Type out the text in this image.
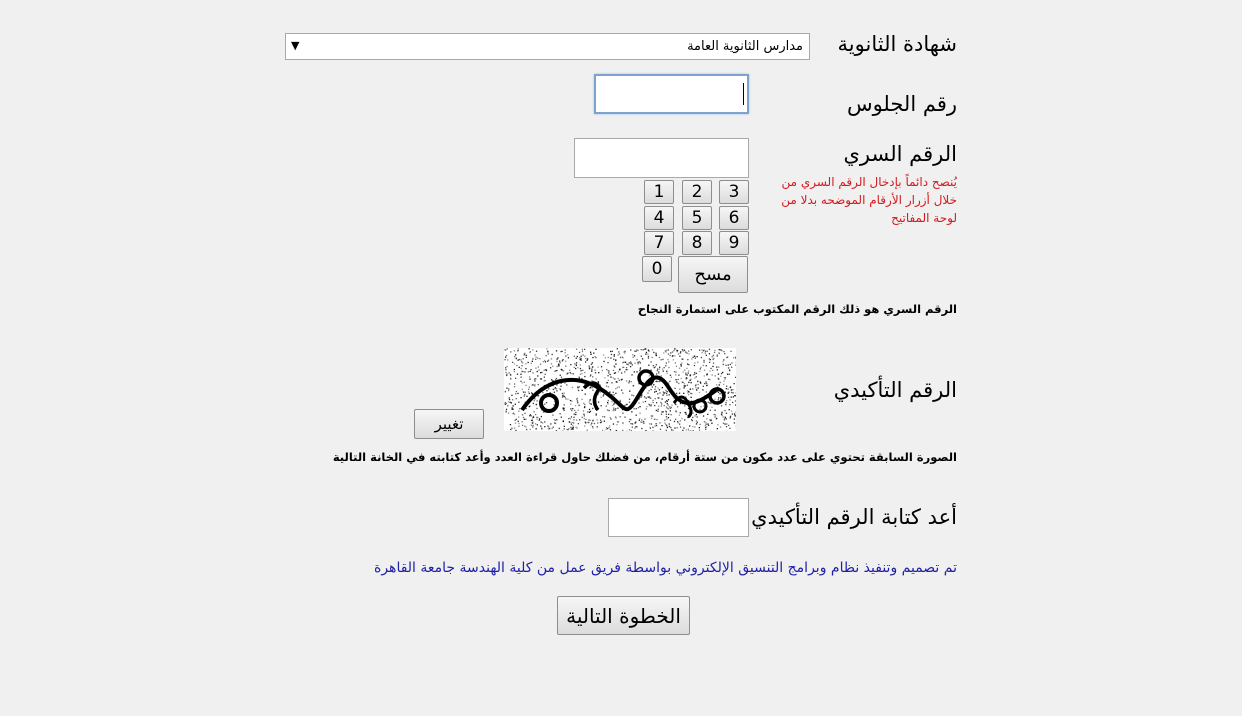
شهادة الثانوية
مدارس الثانوية العامة
▼
رقم الجلوس
الرقم السري
يُنصح دائماً بإدخال الرقم السري من خلال أزرار الأرقام الموضحه بدلا من لوحة المفاتيح
3
2
1
6
5
4
9
8
7
مسح
0
الرقم السري هو ذلك الرقم المكتوب على استمارة النجاح
الرقم التأكيدي
تغيير
الصورة السابقة تحتوي على عدد مكون من ستة أرقام، من فضلك حاول قراءة العدد وأعد كتابته في الخانة التالية
أعد كتابة الرقم التأكيدي
تم تصميم وتنفيذ نظام وبرامج التنسيق الإلكتروني بواسطة فريق عمل من كلية الهندسة جامعة القاهرة
الخطوة التالية
